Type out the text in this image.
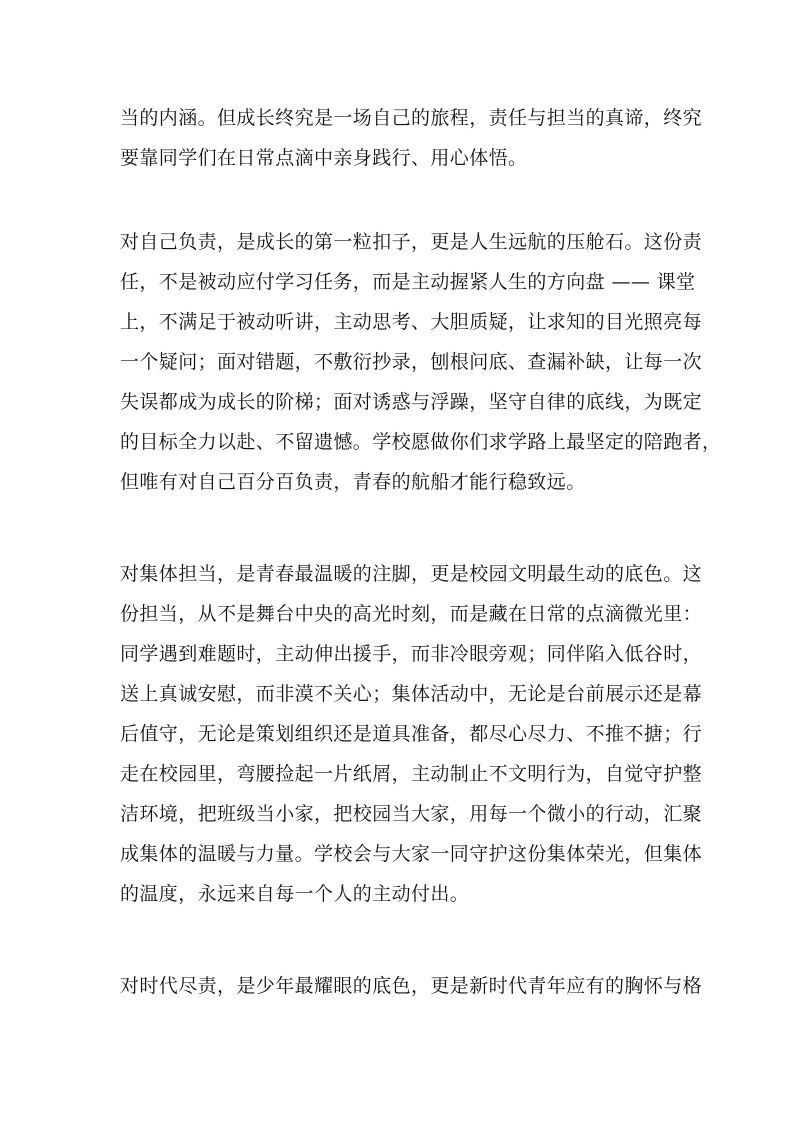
当的内涵。但成长终究是一场自己的旅程，责任与担当的真谛，终究
要靠同学们在日常点滴中亲身践行、用心体悟。
对自己负责，是成长的第一粒扣子，更是人生远航的压舱石。这份责
任，不是被动应付学习任务，而是主动握紧人生的方向盘 —— 课堂
上，不满足于被动听讲，主动思考、大胆质疑，让求知的目光照亮每
一个疑问；面对错题，不敷衍抄录，刨根问底、查漏补缺，让每一次
失误都成为成长的阶梯；面对诱惑与浮躁，坚守自律的底线，为既定
的目标全力以赴、不留遗憾。学校愿做你们求学路上最坚定的陪跑者，
但唯有对自己百分百负责，青春的航船才能行稳致远。
对集体担当，是青春最温暖的注脚，更是校园文明最生动的底色。这
份担当，从不是舞台中央的高光时刻，而是藏在日常的点滴微光里：
同学遇到难题时，主动伸出援手，而非冷眼旁观；同伴陷入低谷时，
送上真诚安慰，而非漠不关心；集体活动中，无论是台前展示还是幕
后值守，无论是策划组织还是道具准备，都尽心尽力、不推不搪；行
走在校园里，弯腰捡起一片纸屑，主动制止不文明行为，自觉守护整
洁环境，把班级当小家，把校园当大家，用每一个微小的行动，汇聚
成集体的温暖与力量。学校会与大家一同守护这份集体荣光，但集体
的温度，永远来自每一个人的主动付出。
对时代尽责，是少年最耀眼的底色，更是新时代青年应有的胸怀与格
